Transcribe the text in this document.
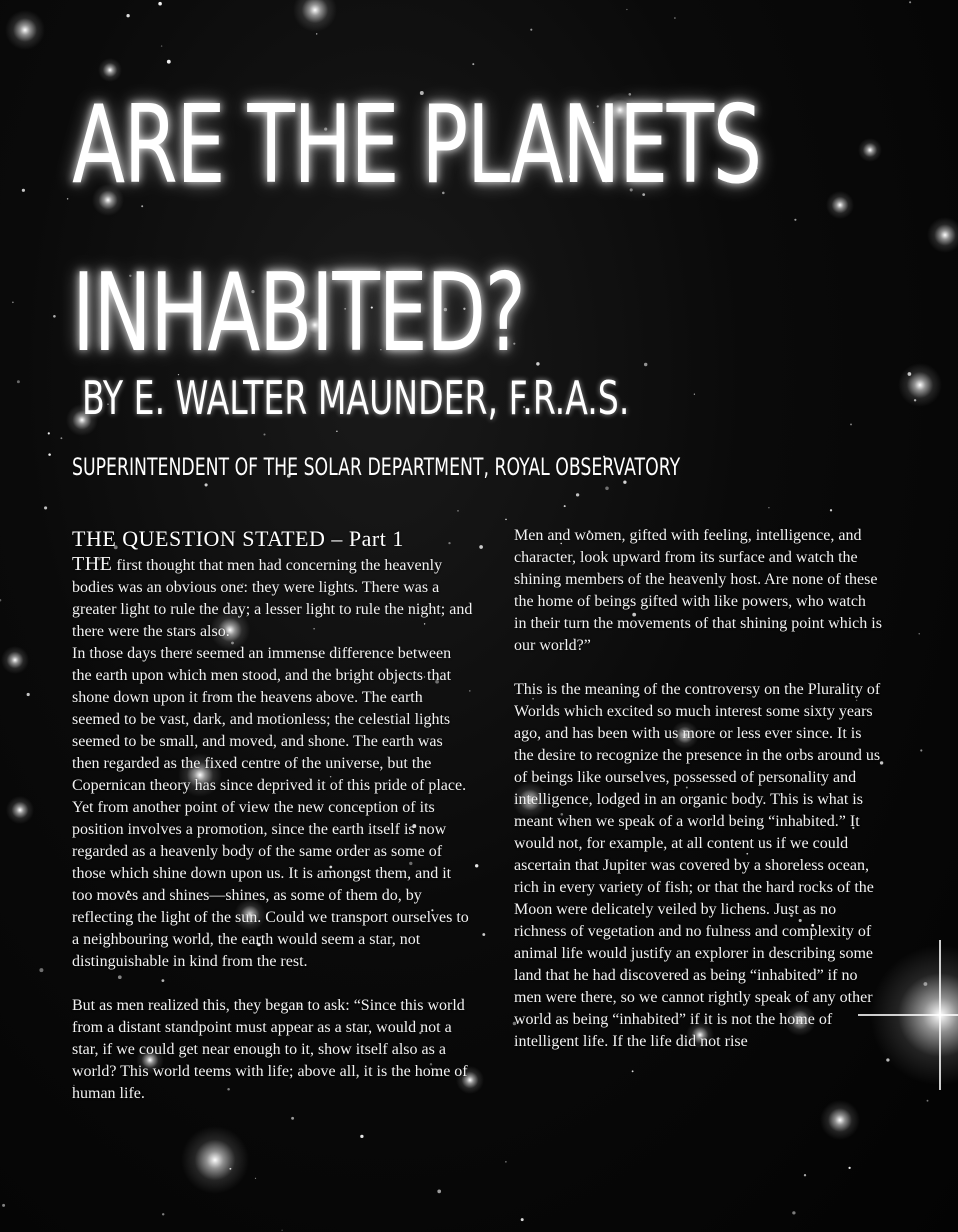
ARE THE PLANETS
INHABITED?
BY E. WALTER MAUNDER, F.R.A.S.
SUPERINTENDENT OF THE SOLAR DEPARTMENT, ROYAL OBSERVATORY
THE QUESTION STATED – Part 1

THE first thought that men had concerning the heavenly bodies was an obvious one: they were lights. There was a greater light to rule the day; a lesser light to rule the night; and there were the stars also.

In those days there seemed an immense difference between the earth upon which men stood, and the bright objects that shone down upon it from the heavens above. The earth seemed to be vast, dark, and motionless; the celestial lights seemed to be small, and moved, and shone. The earth was then regarded as the fixed centre of the universe, but the Copernican theory has since deprived it of this pride of place. Yet from another point of view the new conception of its position involves a promotion, since the earth itself is now regarded as a heavenly body of the same order as some of those which shine down upon us. It is amongst them, and it too moves and shines—shines, as some of them do, by reflecting the light of the sun. Could we transport ourselves to a neighbouring world, the earth would seem a star, not distinguishable in kind from the rest.

But as men realized this, they began to ask: “Since this world from a distant standpoint must appear as a star, would not a star, if we could get near enough to it, show itself also as a world? This world teems with life; above all, it is the home of human life.

Men and women, gifted with feeling, intelligence, and character, look upward from its surface and watch the shining members of the heavenly host. Are none of these the home of beings gifted with like powers, who watch in their turn the movements of that shining point which is our world?”

This is the meaning of the controversy on the Plurality of Worlds which excited so much interest some sixty years ago, and has been with us more or less ever since. It is the desire to recognize the presence in the orbs around us of beings like ourselves, possessed of personality and intelligence, lodged in an organic body. This is what is meant when we speak of a world being “inhabited.” It would not, for example, at all content us if we could ascertain that Jupiter was covered by a shoreless ocean, rich in every variety of fish; or that the hard rocks of the Moon were delicately veiled by lichens. Just as no richness of vegetation and no fulness and complexity of animal life would justify an explorer in describing some land that he had discovered as being “inhabited” if no men were there, so we cannot rightly speak of any other world as being “inhabited” if it is not the home of intelligent life. If the life did not rise
